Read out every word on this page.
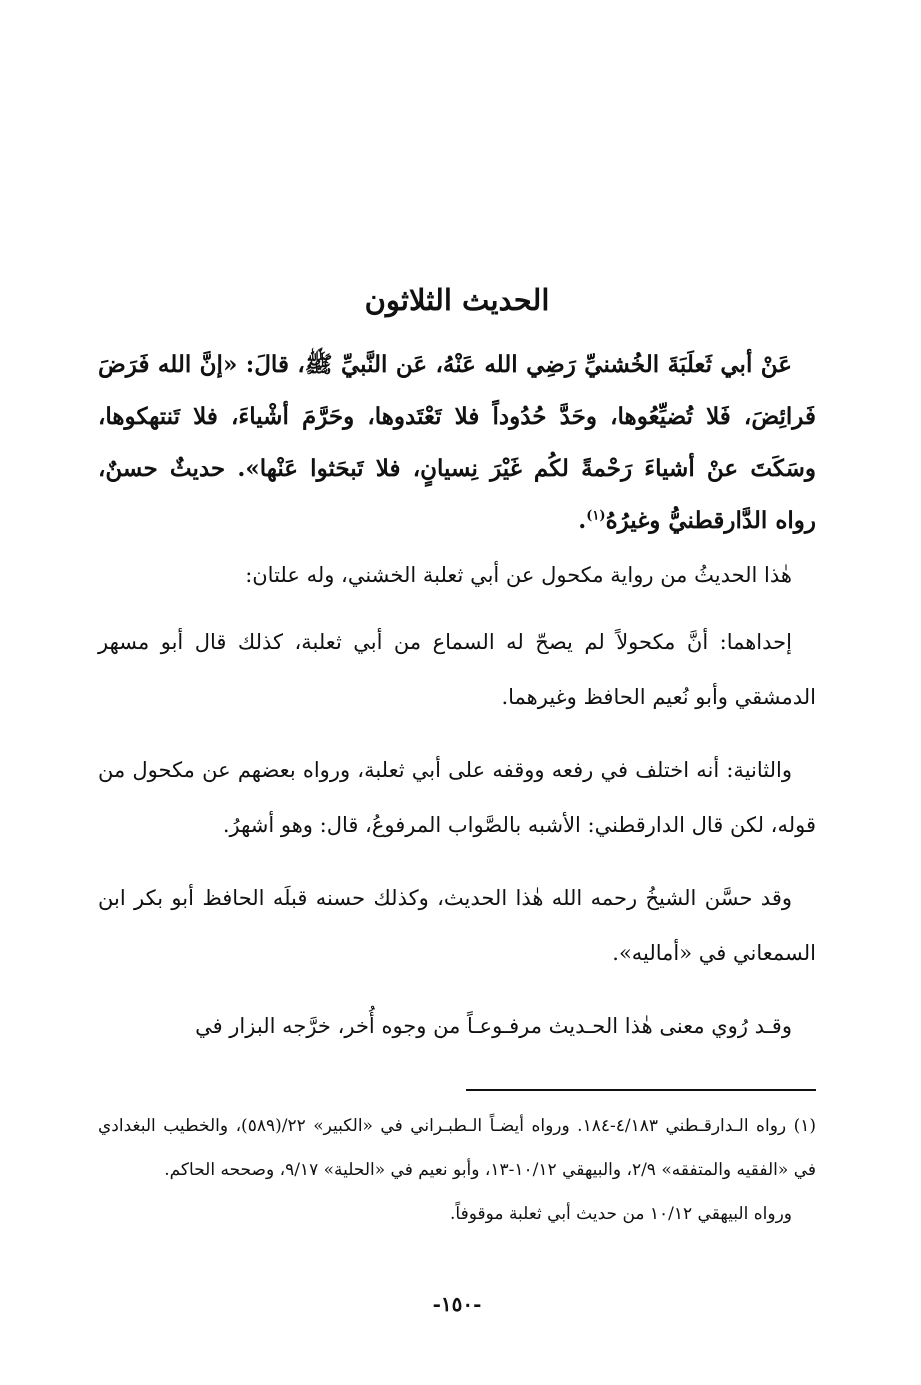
الحديث الثلاثون

عَنْ أبي ثَعلَبَةَ الخُشنيِّ رَضِي الله عَنْهُ، عَن النَّبيِّ ﷺ، قالَ: «إنَّ الله فَرَضَ فَرائِضَ، فَلا تُضيِّعُوها، وحَدَّ حُدُوداً فلا تَعْتَدوها، وحَرَّمَ أشْياءَ، فلا تَنتهكوها، وسَكَتَ عنْ أشياءَ رَحْمةً لكُم غَيْرَ نِسيانٍ، فلا تَبحَثوا عَنْها». حديثٌ حسنٌ، رواه الدَّارقطنيُّ وغيرُهُ$^{(١)}$.

هٰذا الحديثُ من رواية مكحول عن أبي ثعلبة الخشني، وله علتان:

إحداهما: أنَّ مكحولاً لم يصحّ له السماع من أبي ثعلبة، كذلك قال أبو مسهر الدمشقي وأبو نُعيم الحافظ وغيرهما.

والثانية: أنه اختلف في رفعه ووقفه على أبي ثعلبة، ورواه بعضهم عن مكحول من قوله، لكن قال الدارقطني: الأشبه بالصَّواب المرفوعُ، قال: وهو أشهرُ.

وقد حسَّن الشيخُ رحمه الله هٰذا الحديث، وكذلك حسنه قبلَه الحافظ أبو بكر ابن السمعاني في «أماليه».

وقـد رُوي معنى هٰذا الحـديث مرفـوعـاً من وجوه أُخر، خرَّجه البزار في

(١) رواه الـدارقـطني ٤/١٨٣-١٨٤. ورواه أيضـاً الـطبـراني في «الكبير» ٢٢/(٥٨٩)، والخطيب البغدادي في «الفقيه والمتفقه» ٢/٩، والبيهقي ١٠/١٢-١٣، وأبو نعيم في «الحلية» ٩/١٧، وصححه الحاكم.

ورواه البيهقي ١٠/١٢ من حديث أبي ثعلبة موقوفاً.

-١٥٠-
